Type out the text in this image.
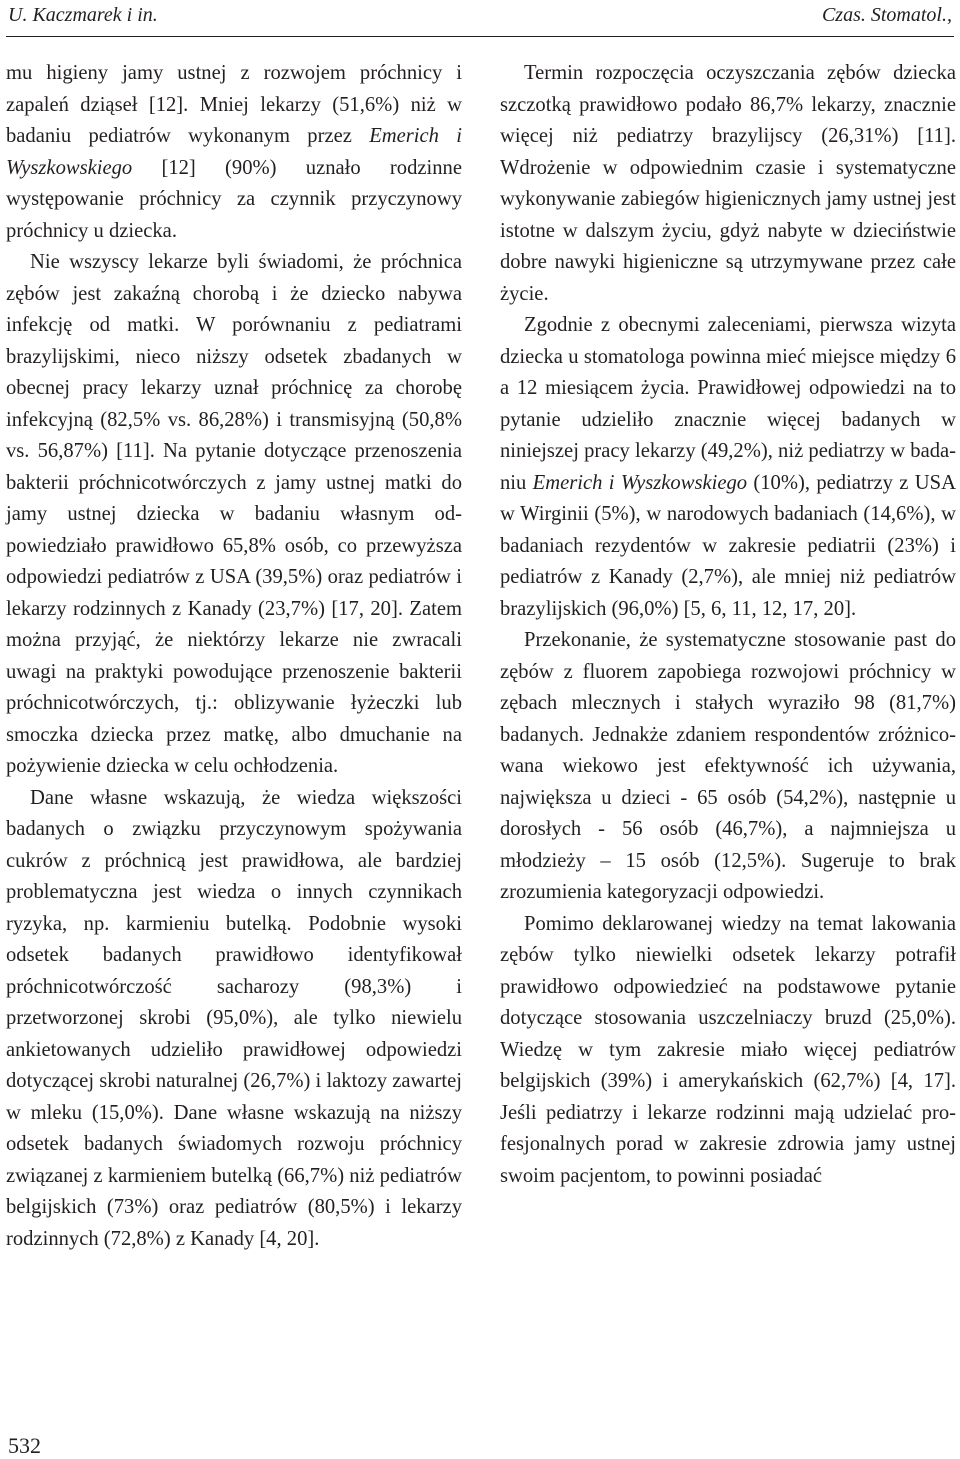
U. Kaczmarek i in.	Czas. Stomatol.,

mu higieny jamy ustnej z rozwojem próchnicy i zapaleń dziąseł [12]. Mniej lekarzy (51,6%) niż w badaniu pediatrów wykonanym przez Emerich i Wyszkowskiego [12] (90%) uznało rodzinne występowanie próchnicy za czynnik przyczynowy próchnicy u dziecka.

Nie wszyscy lekarze byli świadomi, że próchnica zębów jest zakaźną chorobą i że dziecko nabywa infekcję od matki. W porównaniu z pediatrami brazylijskimi, nieco niższy odsetek zbadanych w obecnej pracy lekarzy uznał próchnicę za chorobę infekcyjną (82,5% vs. 86,28%) i transmisyjną (50,8% vs. 56,87%) [11]. Na pytanie dotyczące przenoszenia bakterii próchnicotwórczych z jamy ustnej matki do jamy ustnej dziecka w badaniu własnym odpowiedziało prawidłowo 65,8% osób, co przewyższa odpowiedzi pediatrów z USA (39,5%) oraz pediatrów i lekarzy rodzinnych z Kanady (23,7%) [17, 20]. Zatem można przyjąć, że niektórzy lekarze nie zwracali uwagi na praktyki powodujące przenoszenie bakterii próchnicotwórczych, tj.: oblizywanie łyżeczki lub smoczka dziecka przez matkę, albo dmuchanie na pożywienie dziecka w celu ochłodzenia.

Dane własne wskazują, że wiedza większości badanych o związku przyczynowym spożywania cukrów z próchnicą jest prawidłowa, ale bardziej problematyczna jest wiedza o innych czynnikach ryzyka, np. karmieniu butelką. Podobnie wysoki odsetek badanych prawidłowo identyfikował próchnicotwórczość sacharozy (98,3%) i przetworzonej skrobi (95,0%), ale tylko niewielu ankietowanych udzieliło prawidłowej odpowiedzi dotyczącej skrobi naturalnej (26,7%) i laktozy zawartej w mleku (15,0%). Dane własne wskazują na niższy odsetek badanych świadomych rozwoju próchnicy związanej z karmieniem butelką (66,7%) niż pediatrów belgijskich (73%) oraz pediatrów (80,5%) i lekarzy rodzinnych (72,8%) z Kanady [4, 20].

Termin rozpoczęcia oczyszczania zębów dziecka szczotką prawidłowo podało 86,7% lekarzy, znacznie więcej niż pediatrzy brazylijscy (26,31%) [11]. Wdrożenie w odpowiednim czasie i systematyczne wykonywanie zabiegów higienicznych jamy ustnej jest istotne w dalszym życiu, gdyż nabyte w dzieciństwie dobre nawyki higieniczne są utrzymywane przez całe życie.

Zgodnie z obecnymi zaleceniami, pierwsza wizyta dziecka u stomatologa powinna mieć miejsce między 6 a 12 miesiącem życia. Prawidłowej odpowiedzi na to pytanie udzieliło znacznie więcej badanych w niniejszej pracy lekarzy (49,2%), niż pediatrzy w badaniu Emerich i Wyszkowskiego (10%), pediatrzy z USA w Wirginii (5%), w narodowych badaniach (14,6%), w badaniach rezydentów w zakresie pediatrii (23%) i pediatrów z Kanady (2,7%), ale mniej niż pediatrów brazylijskich (96,0%) [5, 6, 11, 12, 17, 20].

Przekonanie, że systematyczne stosowanie past do zębów z fluorem zapobiega rozwojowi próchnicy w zębach mlecznych i stałych wyraziło 98 (81,7%) badanych. Jednakże zdaniem respondentów zróżnicowana wiekowo jest efektywność ich używania, największa u dzieci - 65 osób (54,2%), następnie u dorosłych - 56 osób (46,7%), a najmniejsza u młodzieży – 15 osób (12,5%). Sugeruje to brak zrozumienia kategoryzacji odpowiedzi.

Pomimo deklarowanej wiedzy na temat lakowania zębów tylko niewielki odsetek lekarzy potrafił prawidłowo odpowiedzieć na podstawowe pytanie dotyczące stosowania uszczelniaczy bruzd (25,0%). Wiedzę w tym zakresie miało więcej pediatrów belgijskich (39%) i amerykańskich (62,7%) [4, 17]. Jeśli pediatrzy i lekarze rodzinni mają udzielać profesjonalnych porad w zakresie zdrowia jamy ustnej swoim pacjentom, to powinni posiadać

532
